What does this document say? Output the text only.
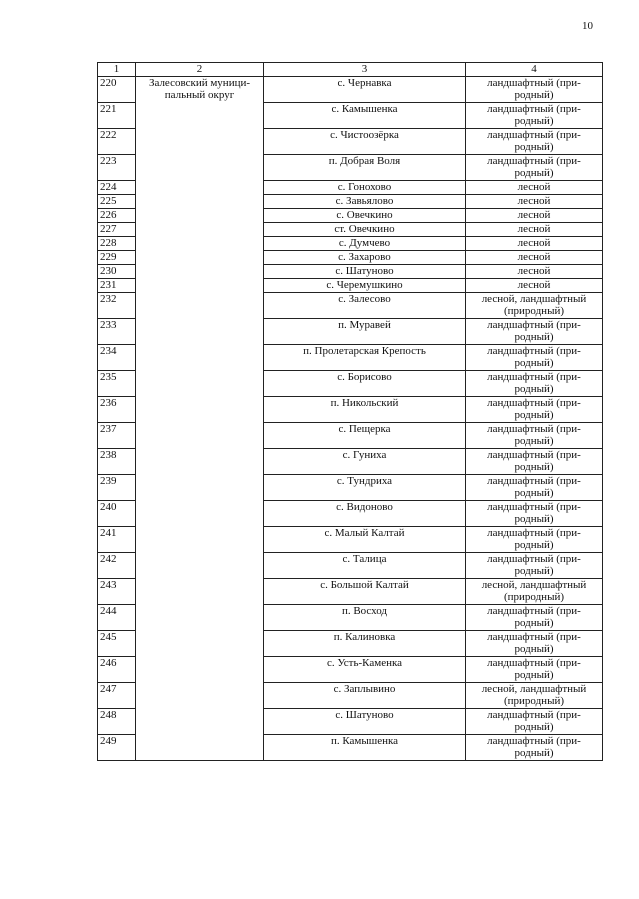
10
1	2	3	4
220	Залесовский муници-
пальный округ	с. Чернавка	ландшафтный (при-
родный)
221		с. Камышенка	ландшафтный (при-
родный)
222		с. Чистоозёрка	ландшафтный (при-
родный)
223		п. Добрая Воля	ландшафтный (при-
родный)
224		с. Гонохово	лесной
225		с. Завьялово	лесной
226		с. Овечкино	лесной
227		ст. Овечкино	лесной
228		с. Думчево	лесной
229		с. Захарово	лесной
230		с. Шатуново	лесной
231		с. Черемушкино	лесной
232		с. Залесово	лесной, ландшафтный
(природный)
233		п. Муравей	ландшафтный (при-
родный)
234		п. Пролетарская Крепость	ландшафтный (при-
родный)
235		с. Борисово	ландшафтный (при-
родный)
236		п. Никольский	ландшафтный (при-
родный)
237		с. Пещерка	ландшафтный (при-
родный)
238		с. Гуниха	ландшафтный (при-
родный)
239		с. Тундриха	ландшафтный (при-
родный)
240		с. Видоново	ландшафтный (при-
родный)
241		с. Малый Калтай	ландшафтный (при-
родный)
242		с. Талица	ландшафтный (при-
родный)
243		с. Большой Калтай	лесной, ландшафтный
(природный)
244		п. Восход	ландшафтный (при-
родный)
245		п. Калиновка	ландшафтный (при-
родный)
246		с. Усть-Каменка	ландшафтный (при-
родный)
247		с. Заплывино	лесной, ландшафтный
(природный)
248		с. Шатуново	ландшафтный (при-
родный)
249		п. Камышенка	ландшафтный (при-
родный)
